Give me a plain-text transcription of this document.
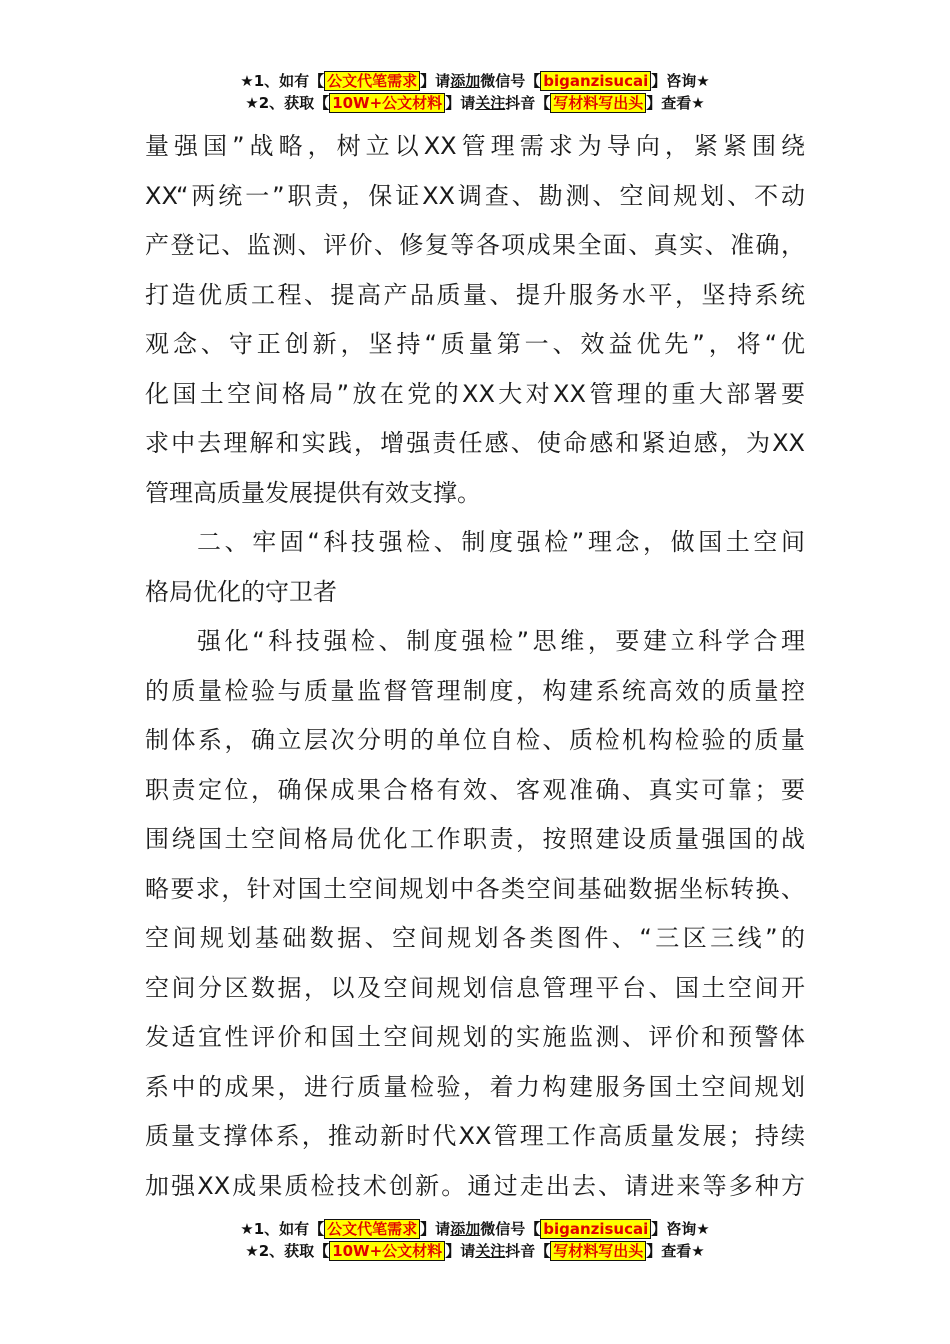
★1、如有【 公文代笔需求 】请添加微信号【 biganzisucai 】咨询★
★2、获取【 10W+公文材料 】请关注抖音【 写材料写出头 】查看★
量强国”战略，树立以XX管理需求为导向，紧紧围绕
XX“两统一”职责，保证XX调查、勘测、空间规划、不动
产登记、监测、评价、修复等各项成果全面、真实、准确，
打造优质工程、提高产品质量、提升服务水平，坚持系统
观念、守正创新，坚持“质量第一、效益优先”，将“优
化国土空间格局”放在党的XX大对XX管理的重大部署要
求中去理解和实践，增强责任感、使命感和紧迫感，为XX
管理高质量发展提供有效支撑。
二、牢固“科技强检、制度强检”理念，做国土空间
格局优化的守卫者
强化“科技强检、制度强检”思维，要建立科学合理
的质量检验与质量监督管理制度，构建系统高效的质量控
制体系，确立层次分明的单位自检、质检机构检验的质量
职责定位，确保成果合格有效、客观准确、真实可靠；要
围绕国土空间格局优化工作职责，按照建设质量强国的战
略要求，针对国土空间规划中各类空间基础数据坐标转换、
空间规划基础数据、空间规划各类图件、“三区三线”的
空间分区数据，以及空间规划信息管理平台、国土空间开
发适宜性评价和国土空间规划的实施监测、评价和预警体
系中的成果，进行质量检验，着力构建服务国土空间规划
质量支撑体系，推动新时代XX管理工作高质量发展；持续
加强XX成果质检技术创新。通过走出去、请进来等多种方
★1、如有【 公文代笔需求 】请添加微信号【 biganzisucai 】咨询★
★2、获取【 10W+公文材料 】请关注抖音【 写材料写出头 】查看★
